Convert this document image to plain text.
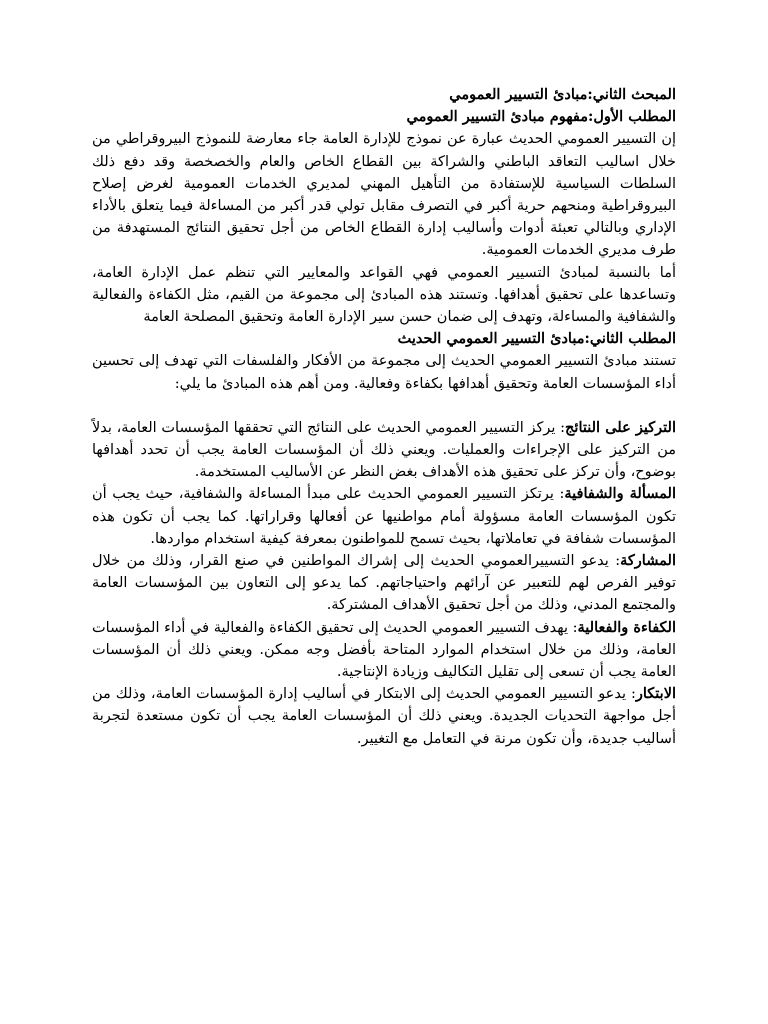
المبحث الثاني:مبادئ التسيير العمومي

المطلب الأول:مفهوم مبادئ التسيير العمومي

إن التسيير العمومي الحديث عبارة عن نموذج للإدارة العامة جاء معارضة للنموذج البيروقراطي من خلال اساليب التعاقد الباطني والشراكة بين القطاع الخاص والعام والخصخصة وقد دفع ذلك السلطات السياسية للإستفادة من التأهيل المهني لمديري الخدمات العمومية لغرض إصلاح البيروقراطية ومنحهم حرية أكبر في التصرف مقابل تولي قدر أكبر من المساءلة فيما يتعلق بالأداء الإداري وبالتالي تعبئة أدوات وأساليب إدارة القطاع الخاص من أجل تحقيق النتائج المستهدفة من طرف مديري الخدمات العمومية.

أما بالنسبة لمبادئ التسيير العمومي فهي القواعد والمعايير التي تنظم عمل الإدارة العامة، وتساعدها على تحقيق أهدافها. وتستند هذه المبادئ إلى مجموعة من القيم، مثل الكفاءة والفعالية والشفافية والمساءلة، وتهدف إلى ضمان حسن سير الإدارة العامة وتحقيق المصلحة العامة

المطلب الثاني:مبادئ التسيير العمومي الحديث

تستند مبادئ التسيير العمومي الحديث إلى مجموعة من الأفكار والفلسفات التي تهدف إلى تحسين أداء المؤسسات العامة وتحقيق أهدافها بكفاءة وفعالية. ومن أهم هذه المبادئ ما يلي:

التركيز على النتائج: يركز التسيير العمومي الحديث على النتائج التي تحققها المؤسسات العامة، بدلاً من التركيز على الإجراءات والعمليات. ويعني ذلك أن المؤسسات العامة يجب أن تحدد أهدافها بوضوح، وأن تركز على تحقيق هذه الأهداف بغض النظر عن الأساليب المستخدمة.

المسألة والشفافية: يرتكز التسيير العمومي الحديث على مبدأ المساءلة والشفافية، حيث يجب أن تكون المؤسسات العامة مسؤولة أمام مواطنيها عن أفعالها وقراراتها. كما يجب أن تكون هذه المؤسسات شفافة في تعاملاتها، بحيث تسمح للمواطنون بمعرفة كيفية استخدام مواردها.

المشاركة: يدعو التسييرالعمومي الحديث إلى إشراك المواطنين في صنع القرار، وذلك من خلال توفير الفرص لهم للتعبير عن آرائهم واحتياجاتهم. كما يدعو إلى التعاون بين المؤسسات العامة والمجتمع المدني، وذلك من أجل تحقيق الأهداف المشتركة.

الكفاءة والفعالية: يهدف التسيير العمومي الحديث إلى تحقيق الكفاءة والفعالية في أداء المؤسسات العامة، وذلك من خلال استخدام الموارد المتاحة بأفضل وجه ممكن. ويعني ذلك أن المؤسسات العامة يجب أن تسعى إلى تقليل التكاليف وزيادة الإنتاجية.

الابتكار: يدعو التسيير العمومي الحديث إلى الابتكار في أساليب إدارة المؤسسات العامة، وذلك من أجل مواجهة التحديات الجديدة. ويعني ذلك أن المؤسسات العامة يجب أن تكون مستعدة لتجربة أساليب جديدة، وأن تكون مرنة في التعامل مع التغيير.
